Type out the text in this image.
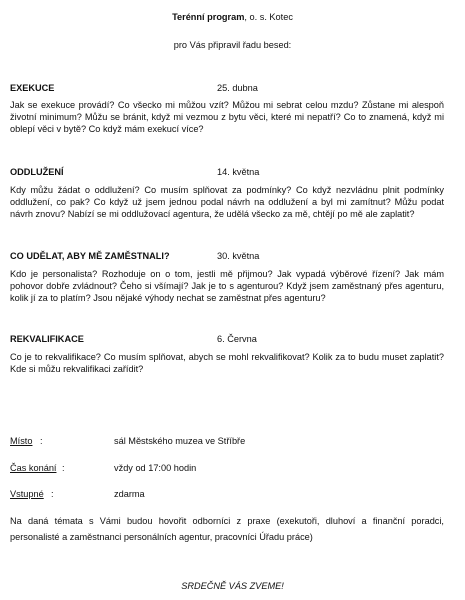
Terénní program, o. s. Kotec
pro Vás připravil řadu besed:
EXEKUCE	25. dubna
Jak se exekuce provádí? Co všecko mi můžou vzít? Můžou mi sebrat celou mzdu? Zůstane mi alespoň životní minimum? Můžu se bránit, když mi vezmou z bytu věci, které mi nepatří? Co to znamená, když mi oblepí věci v bytě? Co když mám exekucí více?
ODDLUŽENÍ	14. května
Kdy můžu žádat o oddlužení? Co musím splňovat za podmínky? Co když nezvládnu plnit podmínky oddlužení, co pak? Co když už jsem jednou podal návrh na oddlužení a byl mi zamítnut? Můžu podat návrh znovu? Nabízí se mi oddlužovací agentura, že udělá všecko za mě, chtějí po mě ale zaplatit?
CO UDĚLAT, ABY MĚ ZAMĚSTNALI?	30. května
Kdo je personalista? Rozhoduje on o tom, jestli mě přijmou? Jak vypadá výběrové řízení? Jak mám pohovor dobře zvládnout? Čeho si všímají? Jak je to s agenturou? Když jsem zaměstnaný přes agenturu, kolik jí za to platím? Jsou nějaké výhody nechat se zaměstnat přes agenturu?
REKVALIFIKACE	6. Června
Co je to rekvalifikace? Co musím splňovat, abych se mohl rekvalifikovat? Kolik za to budu muset zaplatit? Kde si můžu rekvalifikaci zařídit?
Místo :	sál Městského muzea ve Stříbře
Čas konání :	vždy od 17:00 hodin
Vstupné :	zdarma
Na daná témata s Vámi budou hovořit odborníci z praxe (exekutoři, dluhoví a finanční poradci, personalisté a zaměstnanci personálních agentur, pracovníci Úřadu práce)
SRDEČNĚ VÁS ZVEME!
